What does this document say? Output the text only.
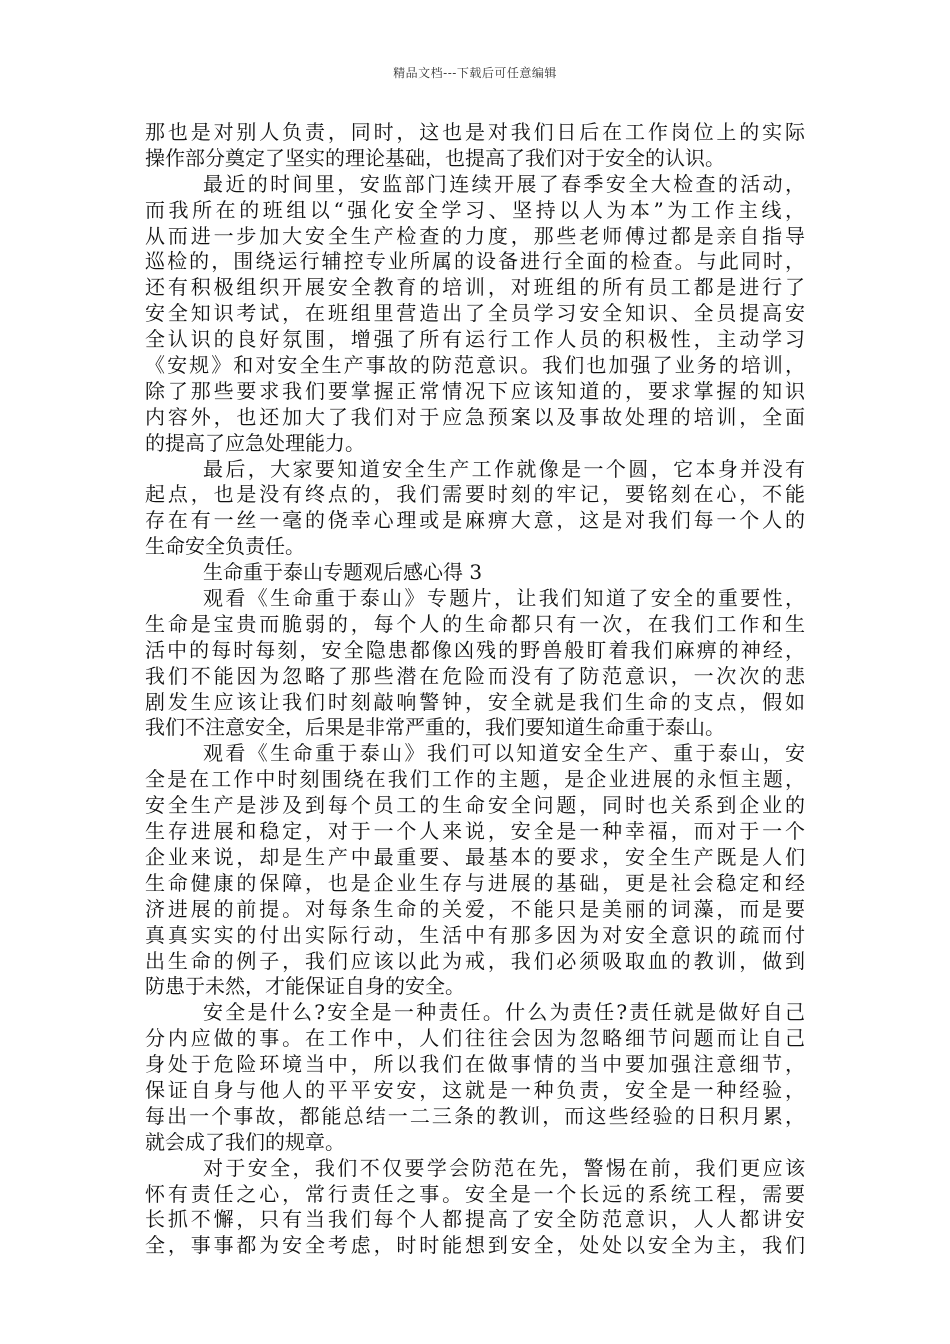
精品文档---下载后可任意编辑
那也是对别人负责，同时，这也是对我们日后在工作岗位上的实际
操作部分奠定了坚实的理论基础，也提高了我们对于安全的认识。
最近的时间里，安监部门连续开展了春季安全大检查的活动，
而我所在的班组以“强化安全学习、坚持以人为本”为工作主线，
从而进一步加大安全生产检查的力度，那些老师傅过都是亲自指导
巡检的，围绕运行辅控专业所属的设备进行全面的检查。与此同时，
还有积极组织开展安全教育的培训，对班组的所有员工都是进行了
安全知识考试，在班组里营造出了全员学习安全知识、全员提高安
全认识的良好氛围，增强了所有运行工作人员的积极性，主动学习
《安规》和对安全生产事故的防范意识。我们也加强了业务的培训，
除了那些要求我们要掌握正常情况下应该知道的，要求掌握的知识
内容外，也还加大了我们对于应急预案以及事故处理的培训，全面
的提高了应急处理能力。
最后，大家要知道安全生产工作就像是一个圆，它本身并没有
起点，也是没有终点的，我们需要时刻的牢记，要铭刻在心，不能
存在有一丝一毫的侥幸心理或是麻痹大意，这是对我们每一个人的
生命安全负责任。
生命重于泰山专题观后感心得 3
观看《生命重于泰山》专题片，让我们知道了安全的重要性，
生命是宝贵而脆弱的，每个人的生命都只有一次，在我们工作和生
活中的每时每刻，安全隐患都像凶残的野兽般盯着我们麻痹的神经，
我们不能因为忽略了那些潜在危险而没有了防范意识，一次次的悲
剧发生应该让我们时刻敲响警钟，安全就是我们生命的支点，假如
我们不注意安全，后果是非常严重的，我们要知道生命重于泰山。
观看《生命重于泰山》我们可以知道安全生产、重于泰山，安
全是在工作中时刻围绕在我们工作的主题，是企业进展的永恒主题，
安全生产是涉及到每个员工的生命安全问题，同时也关系到企业的
生存进展和稳定，对于一个人来说，安全是一种幸福，而对于一个
企业来说，却是生产中最重要、最基本的要求，安全生产既是人们
生命健康的保障，也是企业生存与进展的基础，更是社会稳定和经
济进展的前提。对每条生命的关爱，不能只是美丽的词藻，而是要
真真实实的付出实际行动，生活中有那多因为对安全意识的疏而付
出生命的例子，我们应该以此为戒，我们必须吸取血的教训，做到
防患于未然，才能保证自身的安全。
安全是什么?安全是一种责任。什么为责任?责任就是做好自己
分内应做的事。在工作中，人们往往会因为忽略细节问题而让自己
身处于危险环境当中，所以我们在做事情的当中要加强注意细节，
保证自身与他人的平平安安，这就是一种负责，安全是一种经验，
每出一个事故，都能总结一二三条的教训，而这些经验的日积月累，
就会成了我们的规章。
对于安全，我们不仅要学会防范在先，警惕在前，我们更应该
怀有责任之心，常行责任之事。安全是一个长远的系统工程，需要
长抓不懈，只有当我们每个人都提高了安全防范意识，人人都讲安
全，事事都为安全考虑，时时能想到安全，处处以安全为主，我们
